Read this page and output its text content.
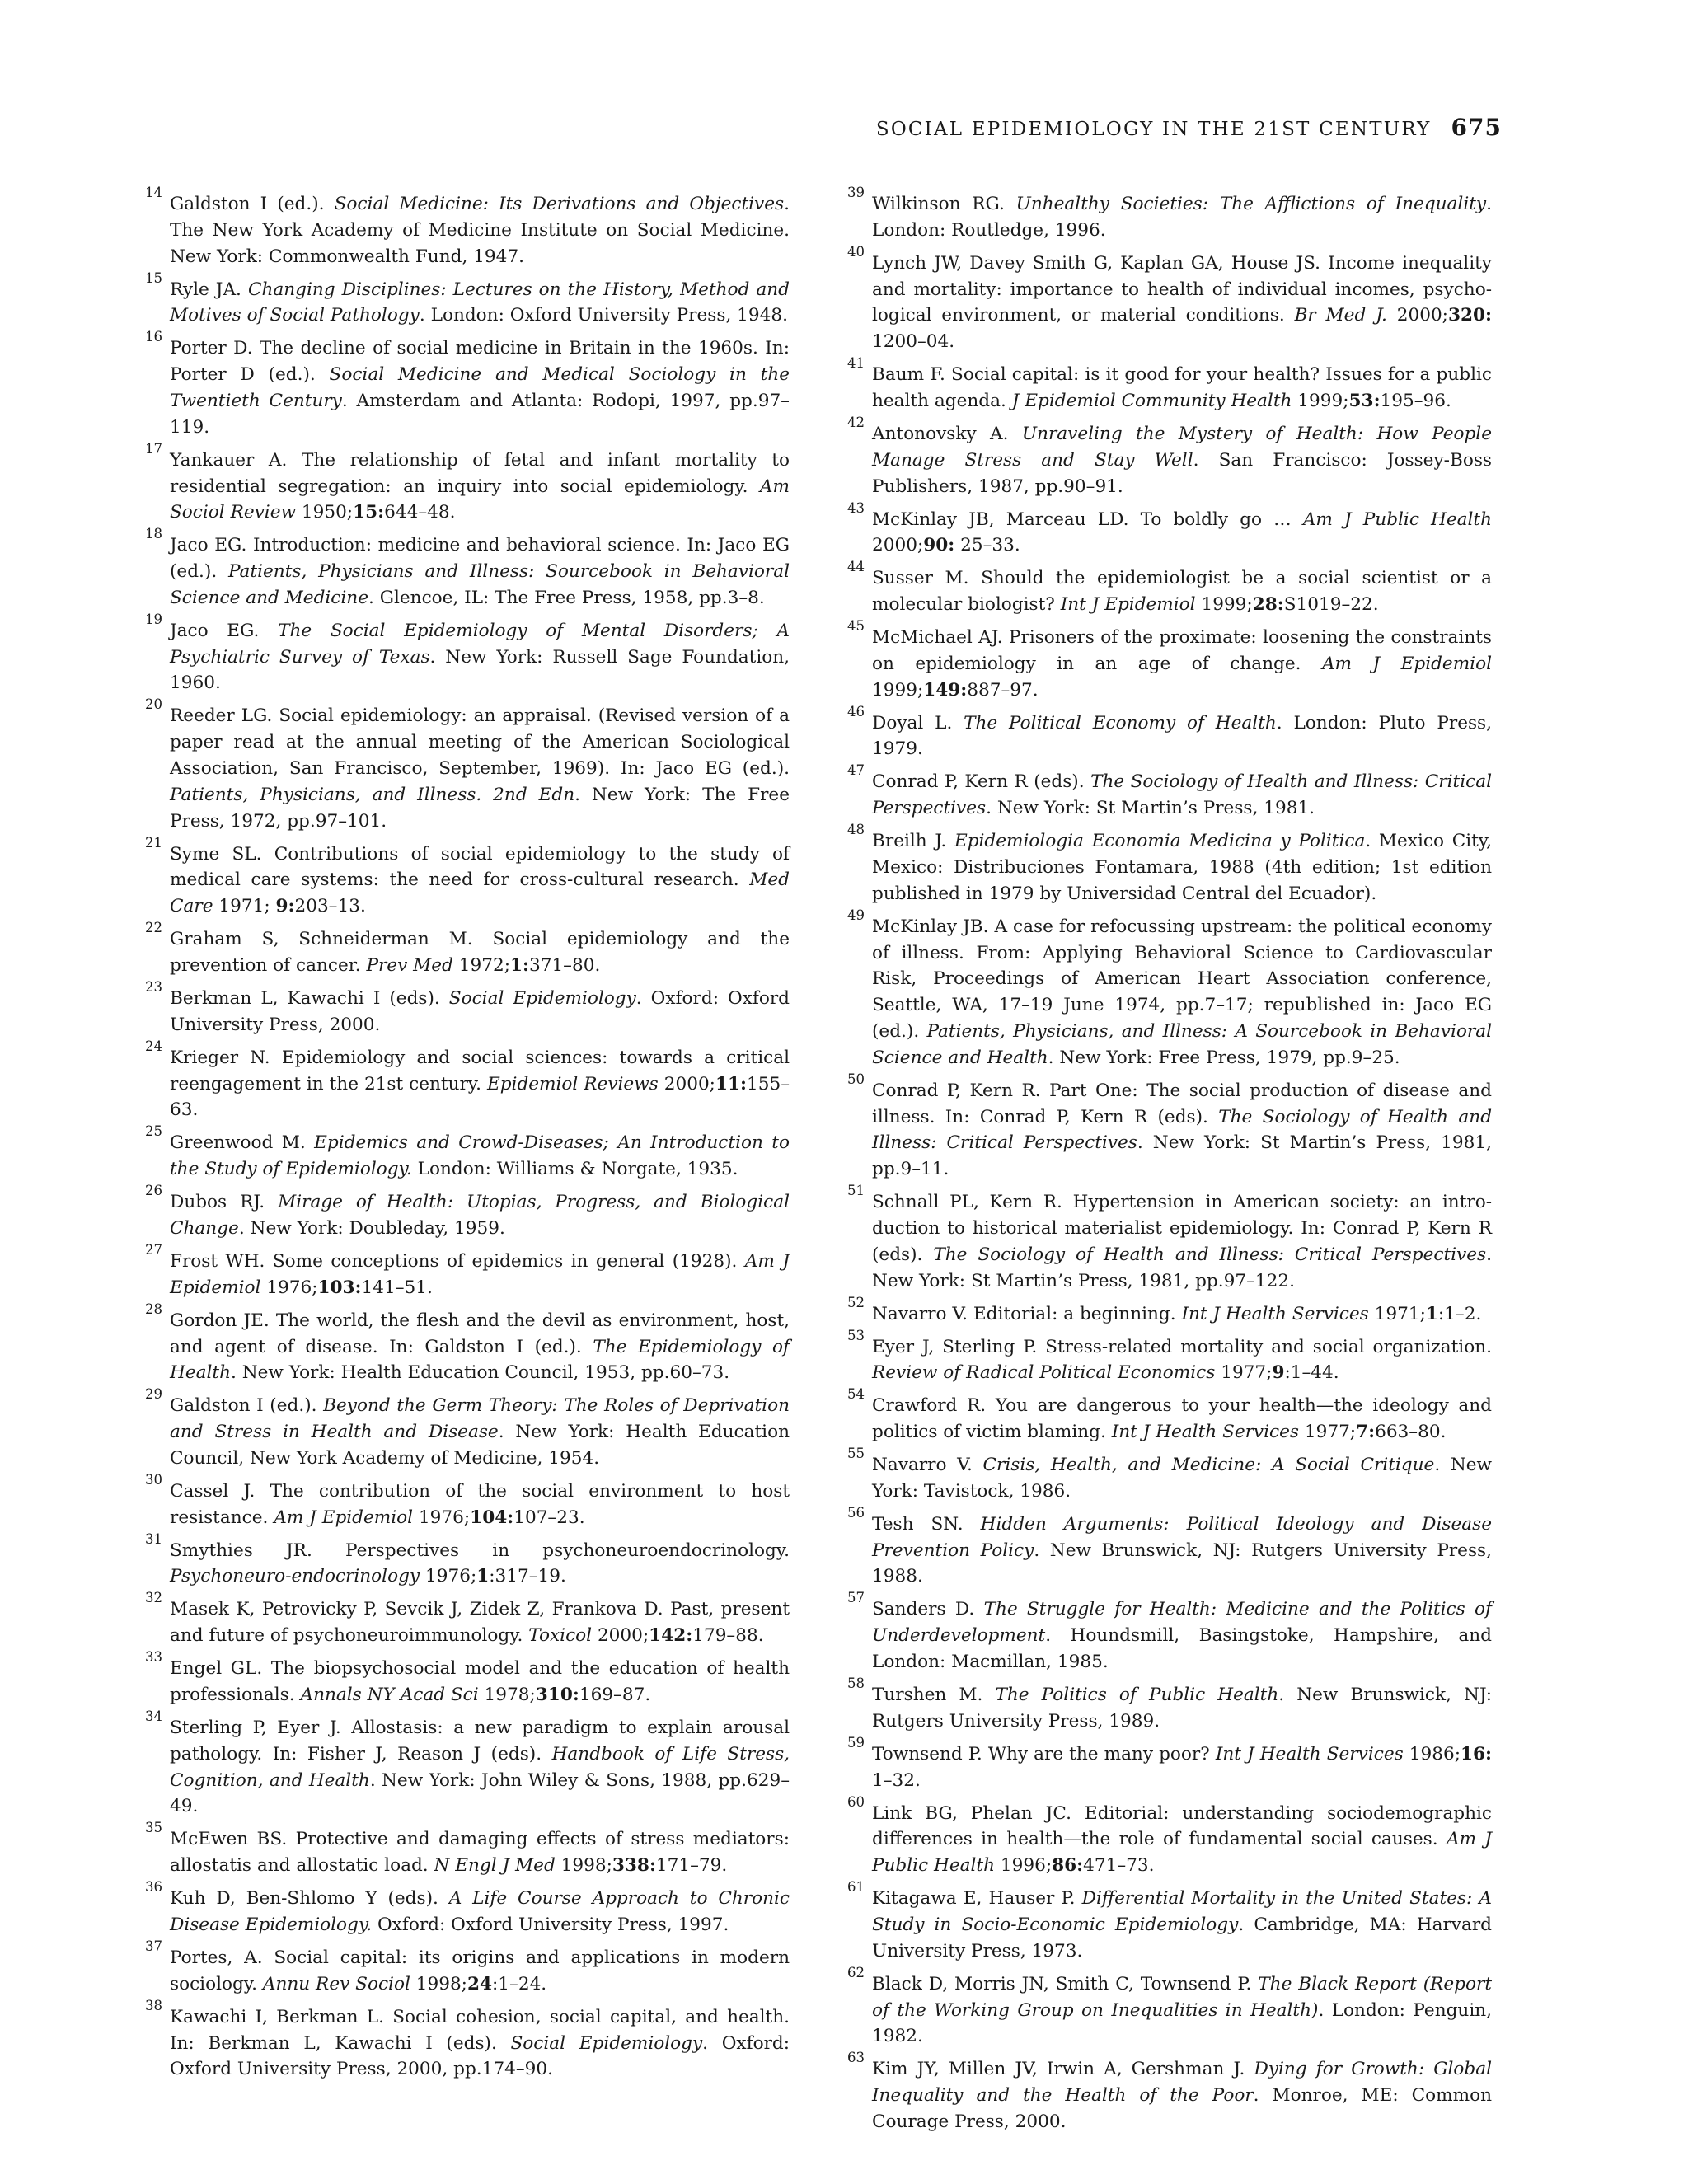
SOCIAL EPIDEMIOLOGY IN THE 21ST CENTURY 675
14
Galdston I (ed.). Social Medicine: Its Derivations and Objectives. The New York Academy of Medicine Institute on Social Medicine. New York: Commonwealth Fund, 1947.
15
Ryle JA. Changing Disciplines: Lectures on the History, Method and Motives of Social Pathology. London: Oxford University Press, 1948.
16
Porter D. The decline of social medicine in Britain in the 1960s. In: Porter D (ed.). Social Medicine and Medical Sociology in the Twentieth Century. Amsterdam and Atlanta: Rodopi, 1997, pp.97–119.
17
Yankauer A. The relationship of fetal and infant mortality to residential segregation: an inquiry into social epidemiology. Am Sociol Review 1950;15:644–48.
18
Jaco EG. Introduction: medicine and behavioral science. In: Jaco EG (ed.). Patients, Physicians and Illness: Sourcebook in Behavioral Science and Medicine. Glencoe, IL: The Free Press, 1958, pp.3–8.
19
Jaco EG. The Social Epidemiology of Mental Disorders; A Psychiatric Survey of Texas. New York: Russell Sage Foundation, 1960.
20
Reeder LG. Social epidemiology: an appraisal. (Revised version of a paper read at the annual meeting of the American Sociological Association, San Francisco, September, 1969). In: Jaco EG (ed.). Patients, Physicians, and Illness. 2nd Edn. New York: The Free Press, 1972, pp.97–101.
21
Syme SL. Contributions of social epidemiology to the study of medical care systems: the need for cross-cultural research. Med Care 1971; 9:203–13.
22
Graham S, Schneiderman M. Social epidemiology and the prevention of cancer. Prev Med 1972;1:371–80.
23
Berkman L, Kawachi I (eds). Social Epidemiology. Oxford: Oxford University Press, 2000.
24
Krieger N. Epidemiology and social sciences: towards a critical reengagement in the 21st century. Epidemiol Reviews 2000;11:155–63.
25
Greenwood M. Epidemics and Crowd-Diseases; An Introduction to the Study of Epidemiology. London: Williams & Norgate, 1935.
26
Dubos RJ. Mirage of Health: Utopias, Progress, and Biological Change. New York: Doubleday, 1959.
27
Frost WH. Some conceptions of epidemics in general (1928). Am J Epidemiol 1976;103:141–51.
28
Gordon JE. The world, the flesh and the devil as environment, host, and agent of disease. In: Galdston I (ed.). The Epidemiology of Health. New York: Health Education Council, 1953, pp.60–73.
29
Galdston I (ed.). Beyond the Germ Theory: The Roles of Deprivation and Stress in Health and Disease. New York: Health Education Council, New York Academy of Medicine, 1954.
30
Cassel J. The contribution of the social environment to host resistance. Am J Epidemiol 1976;104:107–23.
31
Smythies JR. Perspectives in psychoneuroendocrinology. Psychoneuro-endocrinology 1976;1:317–19.
32
Masek K, Petrovicky P, Sevcik J, Zidek Z, Frankova D. Past, present and future of psychoneuroimmunology. Toxicol 2000;142:179–88.
33
Engel GL. The biopsychosocial model and the education of health professionals. Annals NY Acad Sci 1978;310:169–87.
34
Sterling P, Eyer J. Allostasis: a new paradigm to explain arousal pathology. In: Fisher J, Reason J (eds). Handbook of Life Stress, Cognition, and Health. New York: John Wiley & Sons, 1988, pp.629–49.
35
McEwen BS. Protective and damaging effects of stress mediators: allostatis and allostatic load. N Engl J Med 1998;338:171–79.
36
Kuh D, Ben-Shlomo Y (eds). A Life Course Approach to Chronic Disease Epidemiology. Oxford: Oxford University Press, 1997.
37
Portes, A. Social capital: its origins and applications in modern sociology. Annu Rev Sociol 1998;24:1–24.
38
Kawachi I, Berkman L. Social cohesion, social capital, and health. In: Berkman L, Kawachi I (eds). Social Epidemiology. Oxford: Oxford University Press, 2000, pp.174–90.
39
Wilkinson RG. Unhealthy Societies: The Afflictions of Inequality. London: Routledge, 1996.
40
Lynch JW, Davey Smith G, Kaplan GA, House JS. Income inequality and mortality: importance to health of individual incomes, psycho-logical environment, or material conditions. Br Med J. 2000;320: 1200–04.
41
Baum F. Social capital: is it good for your health? Issues for a public health agenda. J Epidemiol Community Health 1999;53:195–96.
42
Antonovsky A. Unraveling the Mystery of Health: How People Manage Stress and Stay Well. San Francisco: Jossey-Boss Publishers, 1987, pp.90–91.
43
McKinlay JB, Marceau LD. To boldly go … Am J Public Health 2000;90: 25–33.
44
Susser M. Should the epidemiologist be a social scientist or a molecular biologist? Int J Epidemiol 1999;28:S1019–22.
45
McMichael AJ. Prisoners of the proximate: loosening the constraints on epidemiology in an age of change. Am J Epidemiol 1999;149:887–97.
46
Doyal L. The Political Economy of Health. London: Pluto Press, 1979.
47
Conrad P, Kern R (eds). The Sociology of Health and Illness: Critical Perspectives. New York: St Martin’s Press, 1981.
48
Breilh J. Epidemiologia Economia Medicina y Politica. Mexico City, Mexico: Distribuciones Fontamara, 1988 (4th edition; 1st edition published in 1979 by Universidad Central del Ecuador).
49
McKinlay JB. A case for refocussing upstream: the political economy of illness. From: Applying Behavioral Science to Cardiovascular Risk, Proceedings of American Heart Association conference, Seattle, WA, 17–19 June 1974, pp.7–17; republished in: Jaco EG (ed.). Patients, Physicians, and Illness: A Sourcebook in Behavioral Science and Health. New York: Free Press, 1979, pp.9–25.
50
Conrad P, Kern R. Part One: The social production of disease and illness. In: Conrad P, Kern R (eds). The Sociology of Health and Illness: Critical Perspectives. New York: St Martin’s Press, 1981, pp.9–11.
51
Schnall PL, Kern R. Hypertension in American society: an intro-duction to historical materialist epidemiology. In: Conrad P, Kern R (eds). The Sociology of Health and Illness: Critical Perspectives. New York: St Martin’s Press, 1981, pp.97–122.
52
Navarro V. Editorial: a beginning. Int J Health Services 1971;1:1–2.
53
Eyer J, Sterling P. Stress-related mortality and social organization. Review of Radical Political Economics 1977;9:1–44.
54
Crawford R. You are dangerous to your health—the ideology and politics of victim blaming. Int J Health Services 1977;7:663–80.
55
Navarro V. Crisis, Health, and Medicine: A Social Critique. New York: Tavistock, 1986.
56
Tesh SN. Hidden Arguments: Political Ideology and Disease Prevention Policy. New Brunswick, NJ: Rutgers University Press, 1988.
57
Sanders D. The Struggle for Health: Medicine and the Politics of Underdevelopment. Houndsmill, Basingstoke, Hampshire, and London: Macmillan, 1985.
58
Turshen M. The Politics of Public Health. New Brunswick, NJ: Rutgers University Press, 1989.
59
Townsend P. Why are the many poor? Int J Health Services 1986;16: 1–32.
60
Link BG, Phelan JC. Editorial: understanding sociodemographic differences in health—the role of fundamental social causes. Am J Public Health 1996;86:471–73.
61
Kitagawa E, Hauser P. Differential Mortality in the United States: A Study in Socio-Economic Epidemiology. Cambridge, MA: Harvard University Press, 1973.
62
Black D, Morris JN, Smith C, Townsend P. The Black Report (Report of the Working Group on Inequalities in Health). London: Penguin, 1982.
63
Kim JY, Millen JV, Irwin A, Gershman J. Dying for Growth: Global Inequality and the Health of the Poor. Monroe, ME: Common Courage Press, 2000.
